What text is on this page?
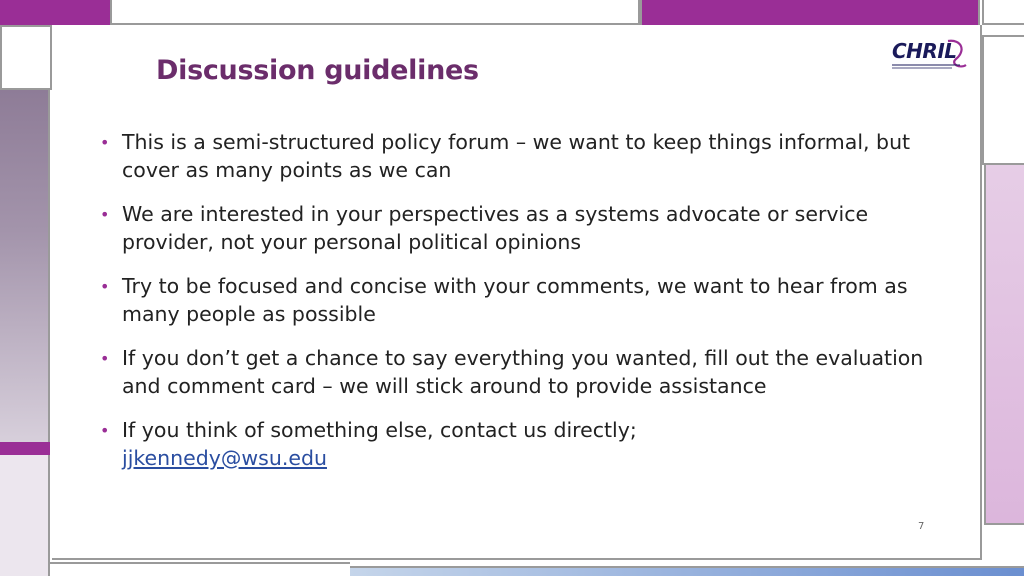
Discussion guidelines
CHRIL
• This is a semi-structured policy forum – we want to keep things informal, but cover as many points as we can
• We are interested in your perspectives as a systems advocate or service provider, not your personal political opinions
• Try to be focused and concise with your comments, we want to hear from as many people as possible
• If you don’t get a chance to say everything you wanted, fill out the evaluation and comment card – we will stick around to provide assistance
• If you think of something else, contact us directly;
jjkennedy@wsu.edu
7
